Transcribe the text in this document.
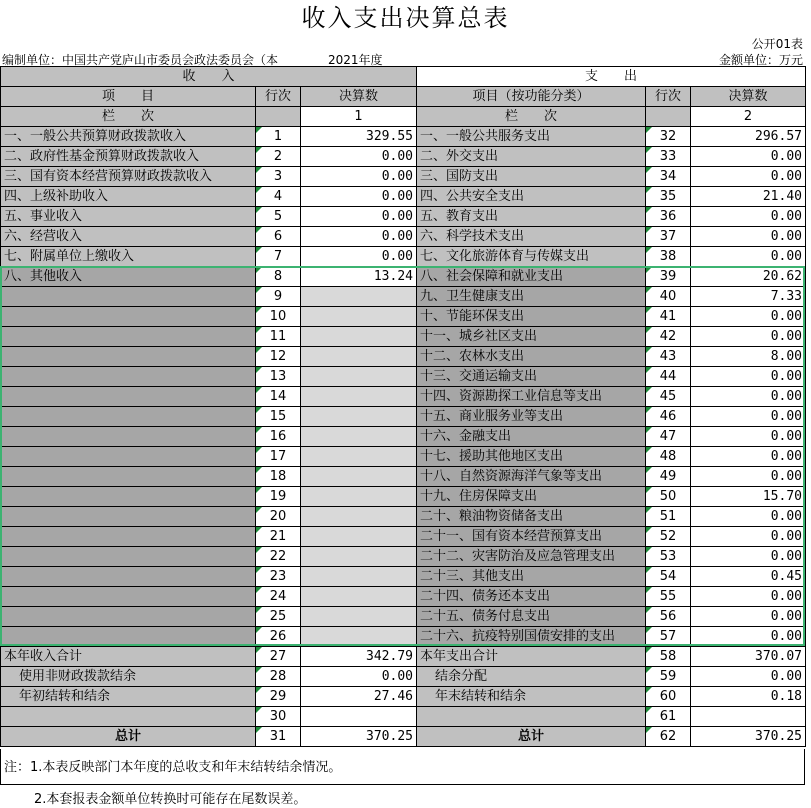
收入支出决算总表
公开01表
编制单位：中国共产党庐山市委员会政法委员会（本	2021年度	金额单位：万元
收　　入			支　　出		
项　　目	行次	决算数	项目（按功能分类）	行次	决算数
栏　　次		1	栏　　次		2
一、一般公共预算财政拨款收入	1	329.55	一、一般公共服务支出	32	296.57
二、政府性基金预算财政拨款收入	2	0.00	二、外交支出	33	0.00
三、国有资本经营预算财政拨款收入	3	0.00	三、国防支出	34	0.00
四、上级补助收入	4	0.00	四、公共安全支出	35	21.40
五、事业收入	5	0.00	五、教育支出	36	0.00
六、经营收入	6	0.00	六、科学技术支出	37	0.00
七、附属单位上缴收入	7	0.00	七、文化旅游体育与传媒支出	38	0.00
八、其他收入	8	13.24	八、社会保障和就业支出	39	20.62
	9		九、卫生健康支出	40	7.33
	10		十、节能环保支出	41	0.00
	11		十一、城乡社区支出	42	0.00
	12		十二、农林水支出	43	8.00
	13		十三、交通运输支出	44	0.00
	14		十四、资源勘探工业信息等支出	45	0.00
	15		十五、商业服务业等支出	46	0.00
	16		十六、金融支出	47	0.00
	17		十七、援助其他地区支出	48	0.00
	18		十八、自然资源海洋气象等支出	49	0.00
	19		十九、住房保障支出	50	15.70
	20		二十、粮油物资储备支出	51	0.00
	21		二十一、国有资本经营预算支出	52	0.00
	22		二十二、灾害防治及应急管理支出	53	0.00
	23		二十三、其他支出	54	0.45
	24		二十四、债务还本支出	55	0.00
	25		二十五、债务付息支出	56	0.00
	26		二十六、抗疫特别国债安排的支出	57	0.00
本年收入合计	27	342.79	本年支出合计	58	370.07
使用非财政拨款结余	28	0.00	结余分配	59	0.00
年初结转和结余	29	27.46	年末结转和结余	60	0.18
	30			61	
总计	31	370.25	总计	62	370.25
注：1.本表反映部门本年度的总收支和年末结转结余情况。
2.本套报表金额单位转换时可能存在尾数误差。
